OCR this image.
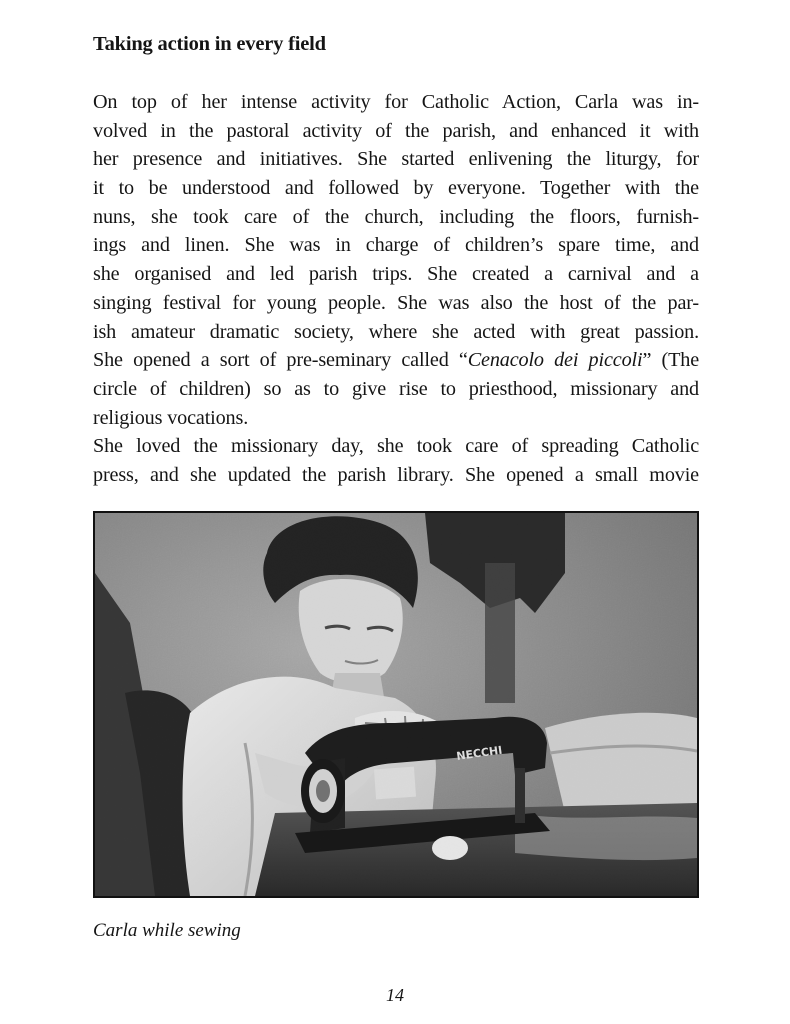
Taking action in every field
On top of her intense activity for Catholic Action, Carla was in-
volved in the pastoral activity of the parish, and enhanced it with
her presence and initiatives. She started enlivening the liturgy, for
it to be understood and followed by everyone. Together with the
nuns, she took care of the church, including the floors, furnish-
ings and linen. She was in charge of children’s spare time, and
she organised and led parish trips. She created a carnival and a
singing festival for young people. She was also the host of the par-
ish amateur dramatic society, where she acted with great passion.
She opened a sort of pre-seminary called “Cenacolo dei piccoli” (The
circle of children) so as to give rise to priesthood, missionary and
religious vocations.
She loved the missionary day, she took care of spreading Catholic
press, and she updated the parish library. She opened a small movie
NECCHI

Carla while sewing

14
